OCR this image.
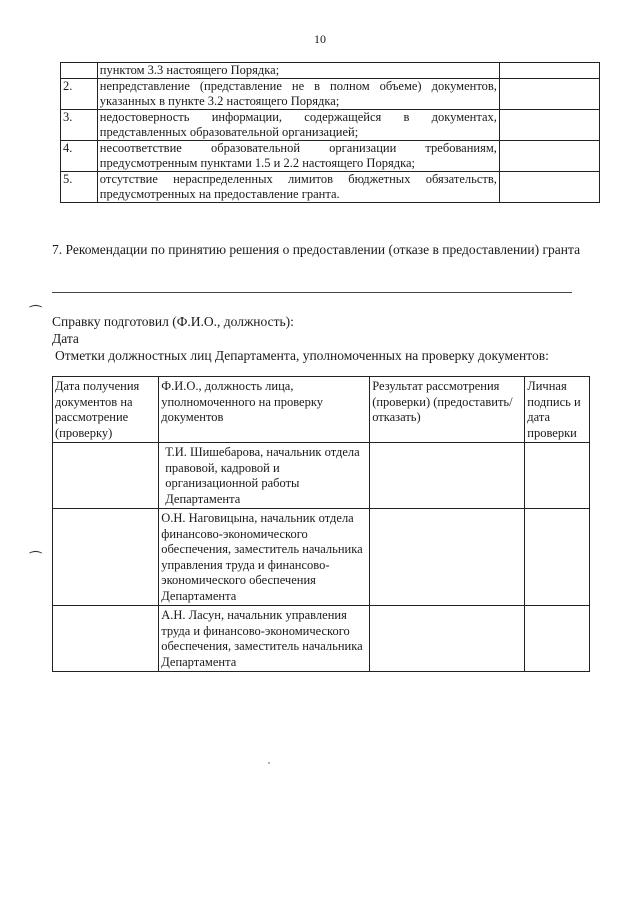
10
	пунктом 3.3 настоящего Порядка;	
2.	непредставление (представление не в полном объеме) документов, указанных в пункте 3.2 настоящего Порядка;	
3.	недостоверность информации, содержащейся в документах, представленных образовательной организацией;	
4.	несоответствие образовательной организации требованиям, предусмотренным пунктами 1.5 и 2.2 настоящего Порядка;	
5.	отсутствие нераспределенных лимитов бюджетных обязательств, предусмотренных на предоставление гранта.	
7. Рекомендации по принятию решения о предоставлении (отказе в предоставлении) гранта
⁀ Справку подготовил (Ф.И.О., должность):
Дата
Отметки должностных лиц Департамента, уполномоченных на проверку документов:
Дата получения документов на рассмотрение (проверку)	Ф.И.О., должность лица, уполномоченного на проверку документов	Результат рассмотрения (проверки) (предоставить/отказать)	Личная подпись и дата проверки
	Т.И. Шишебарова, начальник отдела правовой, кадровой и организационной работы Департамента		
	О.Н. Наговицына, начальник отдела финансово-экономического обеспечения, заместитель начальника управления труда и финансово-экономического обеспечения Департамента		
	А.Н. Ласун, начальник управления труда и финансово-экономического обеспечения, заместитель начальника Департамента		
⁀
